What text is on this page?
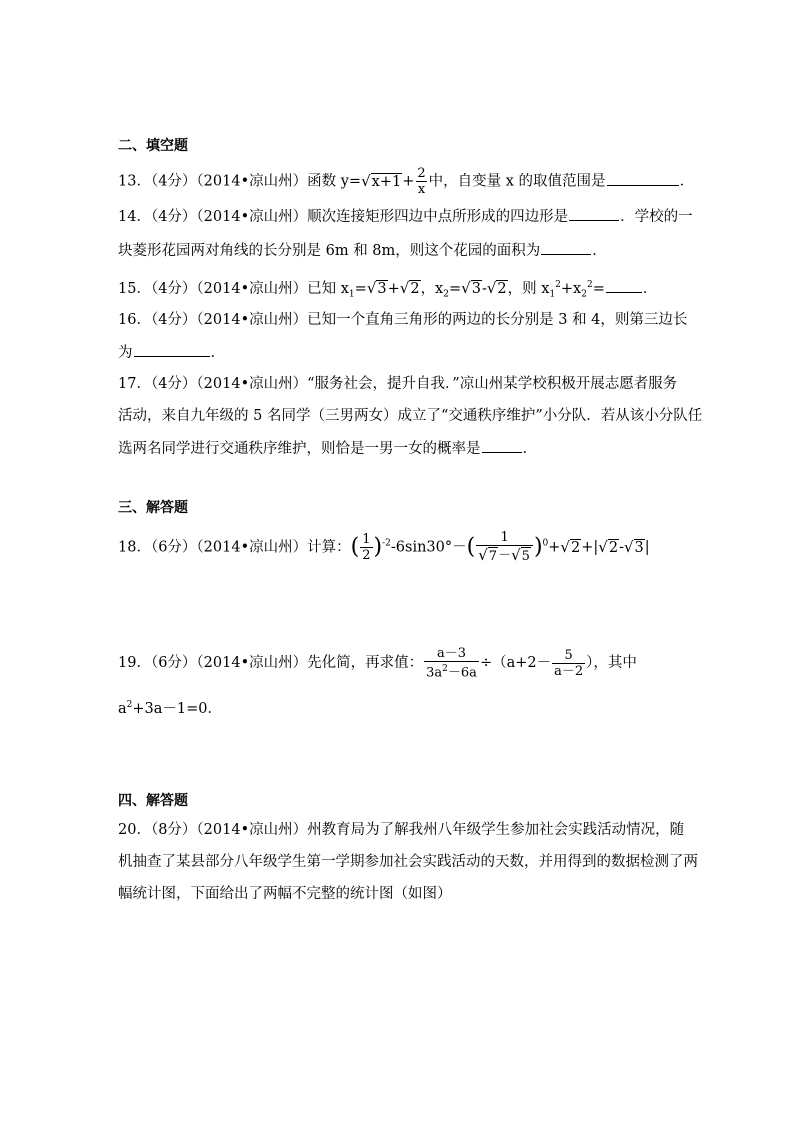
二、填空题
13．（4分）（2014•凉山州）函数 y= √ $x+1 + \frac{2}{x}$ 中，自变量 x 的取值范围是	．
14．（4分）（2014•凉山州）顺次连接矩形四边中点所形成的四边形是	．学校的一
块菱形花园两对角线的长分别是 6m 和 8m，则这个花园的面积为	．
15．（4分）（2014•凉山州）已知 $x_1=$ √ 3 + √ 2 ，$x_2=$ √ 3 - √ 2 ，则 $x_1^2+x_2^2=$	．
16．（4分）（2014•凉山州）已知一个直角三角形的两边的长分别是 3 和 4，则第三边长
为	．
17．（4分）（2014•凉山州）“服务社会，提升自我．”凉山州某学校积极开展志愿者服务
活动，来自九年级的 5 名同学（三男两女）成立了“交通秩序维护”小分队．若从该小分队任
选两名同学进行交通秩序维护，则恰是一男一女的概率是	．
三、解答题
18．（6分）（2014•凉山州）计算：( $\frac{1}{2} )^{-2}-6\sin 30^\circ-( \frac{1}{√ 7 - √ 5} )^0+$ √ 2 +| √ 2 - √ 3 |
19．（6分）（2014•凉山州）先化简，再求值： $\frac{a-3}{3a^2-6a} \div(a+2- \frac{5}{a-2}$ ），其中
$a^2+3a-1=0$．
四、解答题
20．（8分）（2014•凉山州）州教育局为了解我州八年级学生参加社会实践活动情况，随
机抽查了某县部分八年级学生第一学期参加社会实践活动的天数，并用得到的数据检测了两
幅统计图，下面给出了两幅不完整的统计图（如图）
